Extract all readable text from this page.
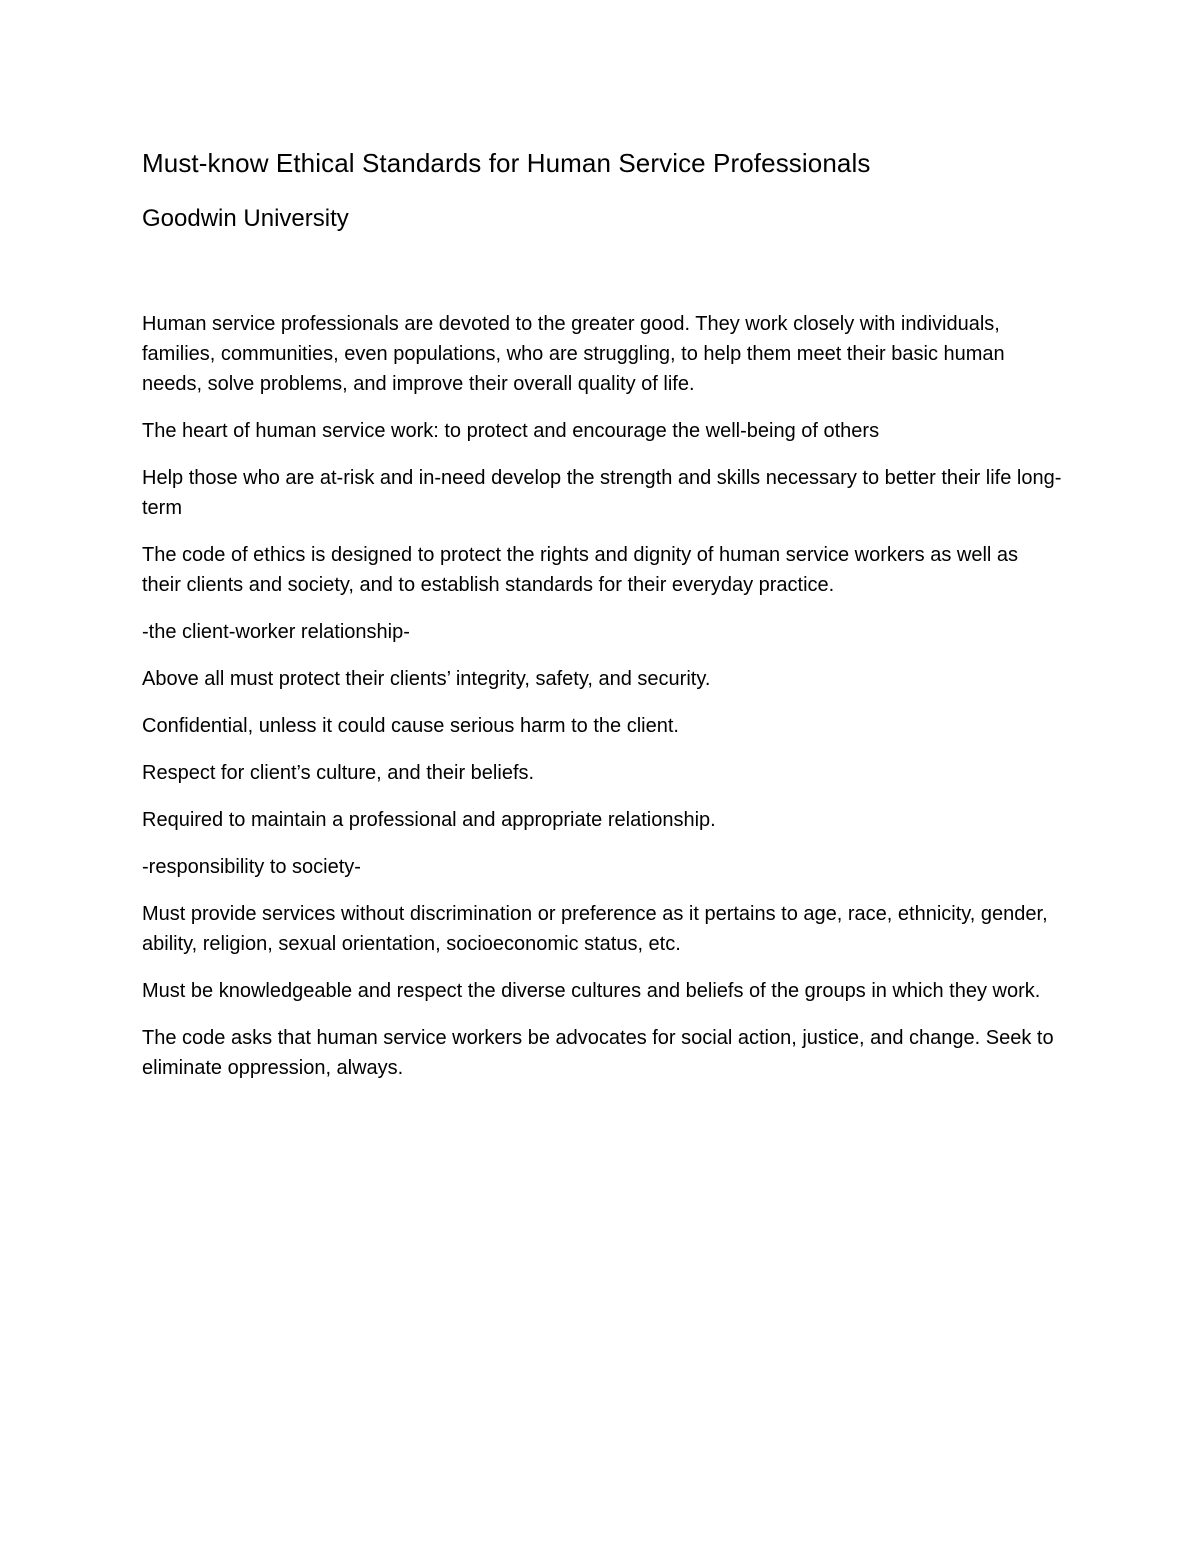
Must-know Ethical Standards for Human Service Professionals
Goodwin University

Human service professionals are devoted to the greater good. They work closely with individuals, families, communities, even populations, who are struggling, to help them meet their basic human needs, solve problems, and improve their overall quality of life.

The heart of human service work: to protect and encourage the well-being of others

Help those who are at-risk and in-need develop the strength and skills necessary to better their life long-term

The code of ethics is designed to protect the rights and dignity of human service workers as well as their clients and society, and to establish standards for their everyday practice.

-the client-worker relationship-

Above all must protect their clients’ integrity, safety, and security.

Confidential, unless it could cause serious harm to the client.

Respect for client’s culture, and their beliefs.

Required to maintain a professional and appropriate relationship.

-responsibility to society-

Must provide services without discrimination or preference as it pertains to age, race, ethnicity, gender, ability, religion, sexual orientation, socioeconomic status, etc.

Must be knowledgeable and respect the diverse cultures and beliefs of the groups in which they work.

The code asks that human service workers be advocates for social action, justice, and change. Seek to eliminate oppression, always.
